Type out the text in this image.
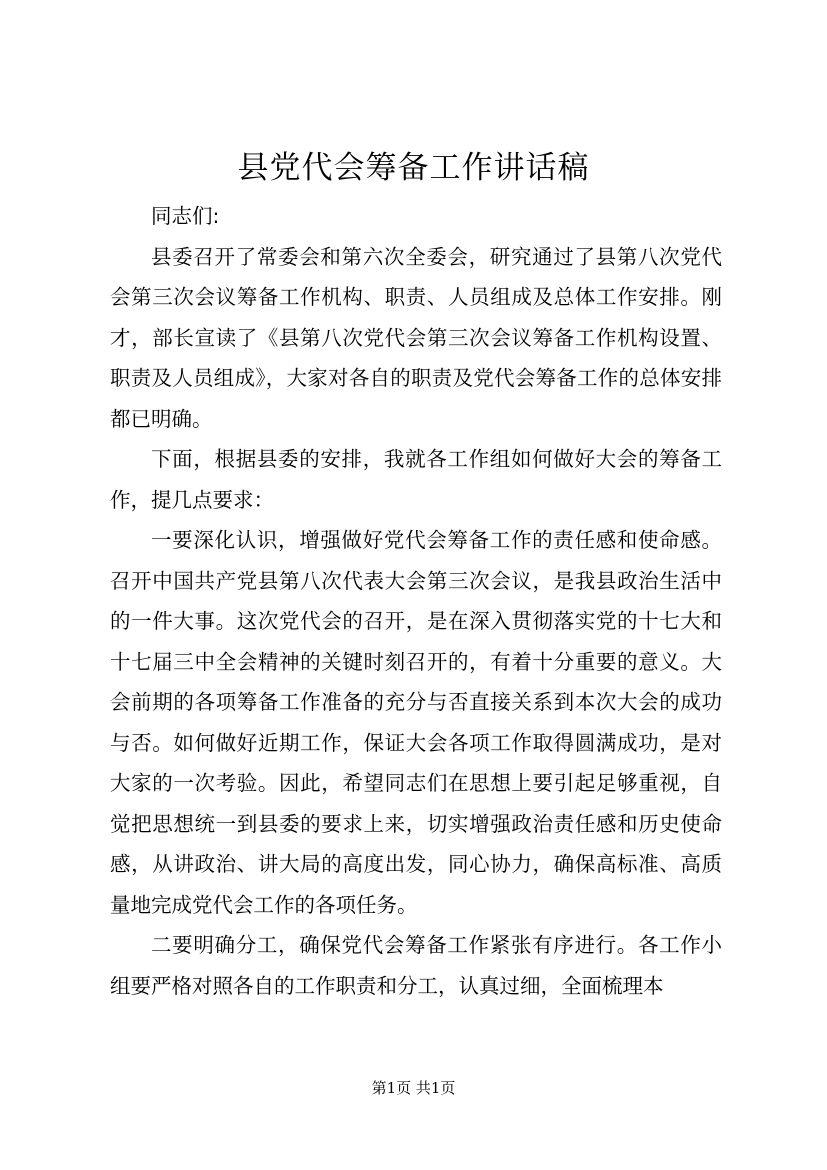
县党代会筹备工作讲话稿

同志们:

县委召开了常委会和第六次全委会，研究通过了县第八次党代会第三次会议筹备工作机构、职责、人员组成及总体工作安排。刚才，部长宣读了《县第八次党代会第三次会议筹备工作机构设置、职责及人员组成》，大家对各自的职责及党代会筹备工作的总体安排都已明确。

下面，根据县委的安排，我就各工作组如何做好大会的筹备工作，提几点要求：

一要深化认识，增强做好党代会筹备工作的责任感和使命感。召开中国共产党县第八次代表大会第三次会议，是我县政治生活中的一件大事。这次党代会的召开，是在深入贯彻落实党的十七大和十七届三中全会精神的关键时刻召开的，有着十分重要的意义。大会前期的各项筹备工作准备的充分与否直接关系到本次大会的成功与否。如何做好近期工作，保证大会各项工作取得圆满成功，是对大家的一次考验。因此，希望同志们在思想上要引起足够重视，自觉把思想统一到县委的要求上来，切实增强政治责任感和历史使命感，从讲政治、讲大局的高度出发，同心协力，确保高标准、高质量地完成党代会工作的各项任务。

二要明确分工，确保党代会筹备工作紧张有序进行。各工作小组要严格对照各自的工作职责和分工，认真过细，全面梳理本

第1页 共1页
